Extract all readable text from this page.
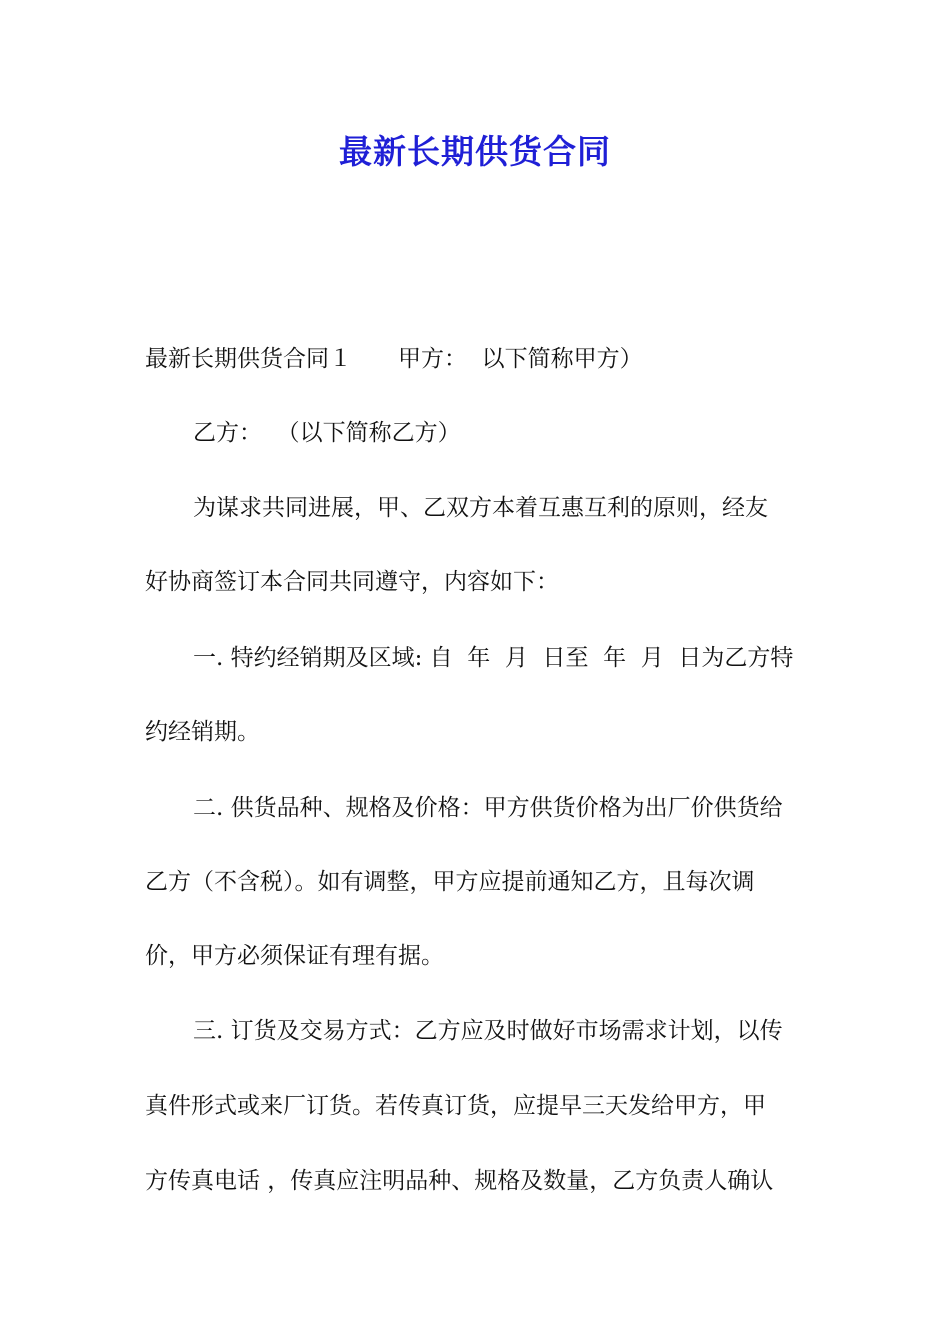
最新长期供货合同

最新长期供货合同１　　甲方：  以下简称甲方）

乙方：  （以下简称乙方）

为谋求共同进展，甲、乙双方本着互惠互利的原则，经友

好协商签订本合同共同遵守，内容如下：

一. 特约经销期及区域: 自  年  月  日至  年  月  日为乙方特

约经销期。

二. 供货品种、规格及价格：甲方供货价格为出厂价供货给

乙方（不含税）。如有调整，甲方应提前通知乙方，且每次调

价，甲方必须保证有理有据。

三. 订货及交易方式：乙方应及时做好市场需求计划，以传

真件形式或来厂订货。若传真订货，应提早三天发给甲方，甲

方传真电话 ，传真应注明品种、规格及数量，乙方负责人确认
